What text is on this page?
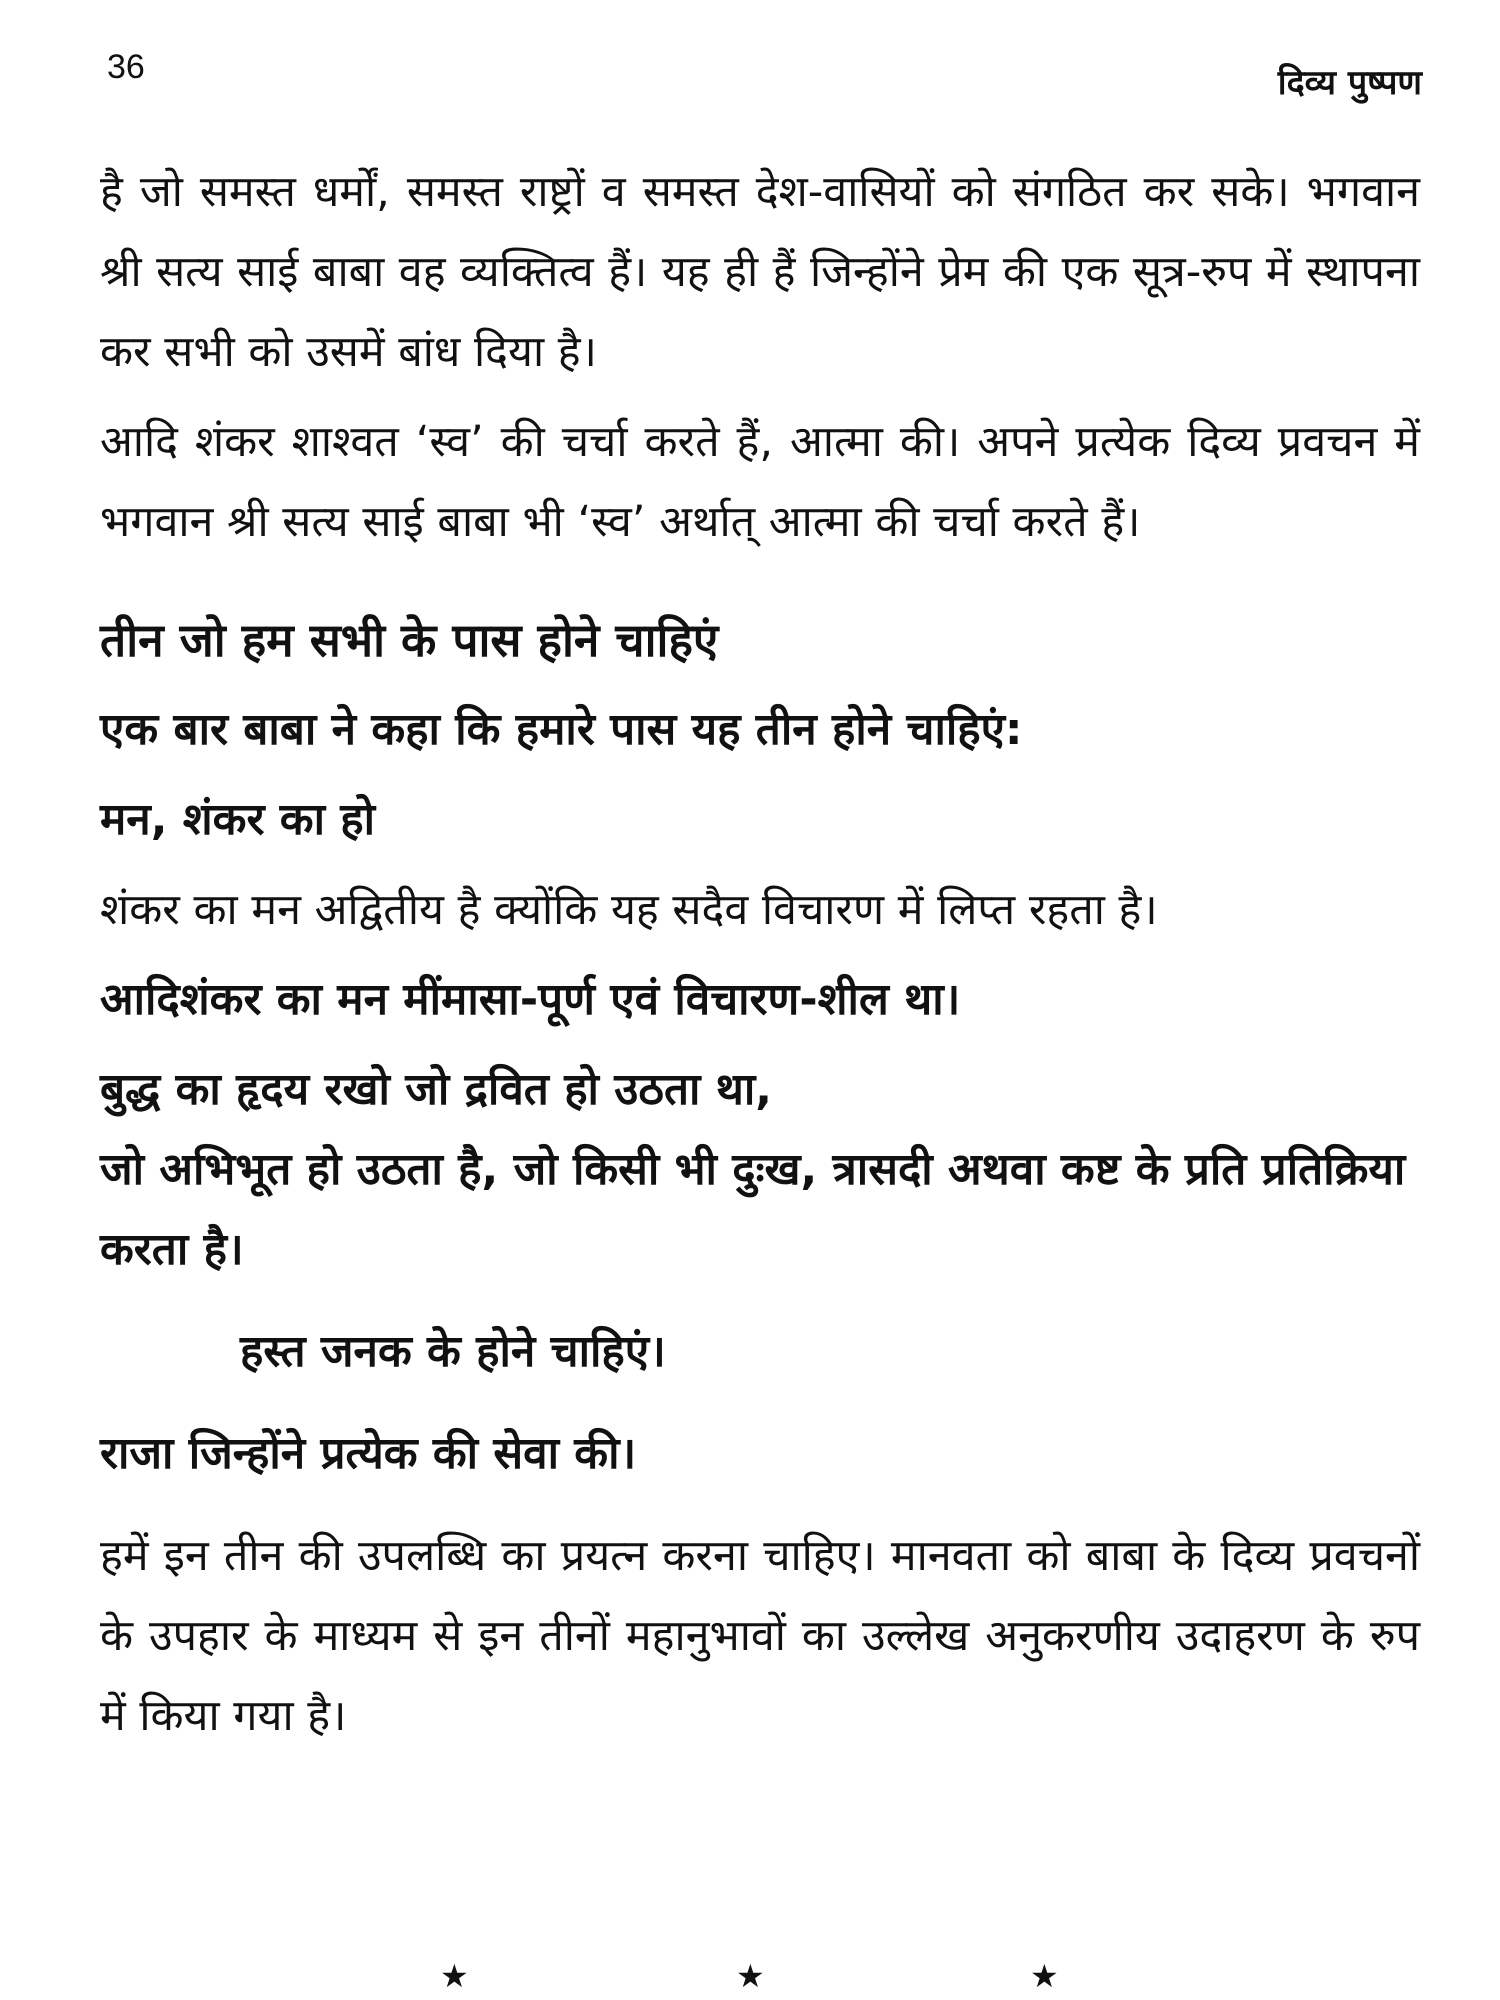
36	दिव्य पुष्पण

है जो समस्त धर्मों, समस्त राष्ट्रों व समस्त देश-वासियों को संगठित कर सके। भगवान श्री सत्य साई बाबा वह व्यक्तित्व हैं। यह ही हैं जिन्होंने प्रेम की एक सूत्र-रुप में स्थापना कर सभी को उसमें बांध दिया है।

आदि शंकर शाश्वत ‘स्व’ की चर्चा करते हैं, आत्मा की। अपने प्रत्येक दिव्य प्रवचन में भगवान श्री सत्य साई बाबा भी ‘स्व’ अर्थात् आत्मा की चर्चा करते हैं।

तीन जो हम सभी के पास होने चाहिएं

एक बार बाबा ने कहा कि हमारे पास यह तीन होने चाहिएं:

मन, शंकर का हो

शंकर का मन अद्वितीय है क्योंकि यह सदैव विचारण में लिप्त रहता है।

आदिशंकर का मन मींमासा-पूर्ण एवं विचारण-शील था।

बुद्ध का हृदय रखो जो द्रवित हो उठता था,

जो अभिभूत हो उठता है, जो किसी भी दुःख, त्रासदी अथवा कष्ट के प्रति प्रतिक्रिया करता है।

हस्त जनक के होने चाहिएं।

राजा जिन्होंने प्रत्येक की सेवा की।

हमें इन तीन की उपलब्धि का प्रयत्न करना चाहिए। मानवता को बाबा के दिव्य प्रवचनों के उपहार के माध्यम से इन तीनों महानुभावों का उल्लेख अनुकरणीय उदाहरण के रुप में किया गया है।

★	★	★
